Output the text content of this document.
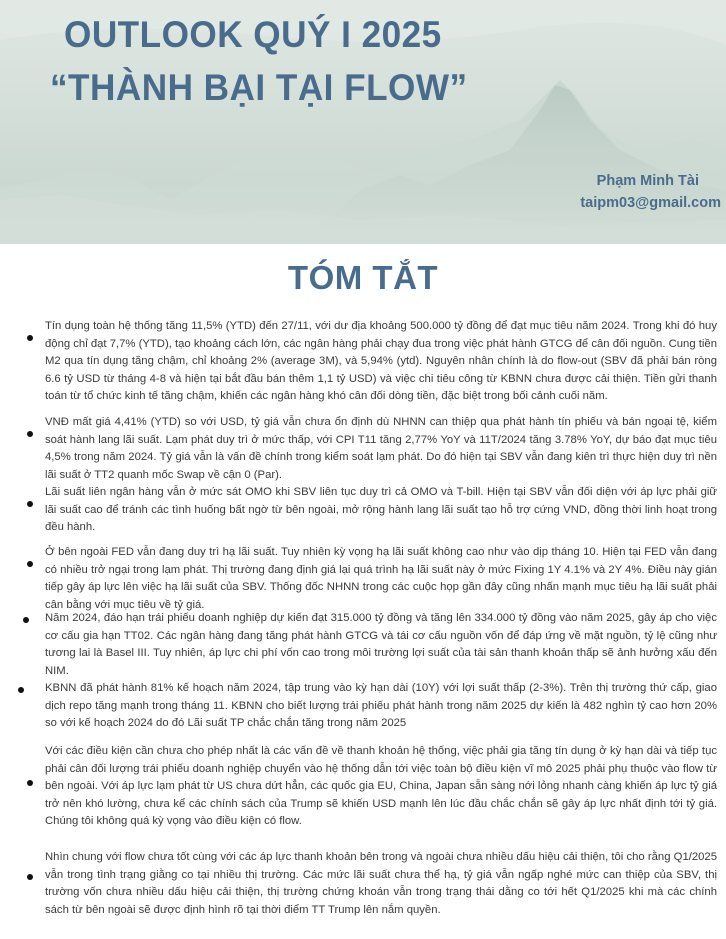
OUTLOOK QUÝ I 2025
“THÀNH BẠI TẠI FLOW”
Phạm Minh Tài
taipm03@gmail.com
TÓM TẮT
Tín dụng toàn hệ thống tăng 11,5% (YTD) đến 27/11, với dư địa khoảng 500.000 tỷ đồng để đạt mục tiêu năm 2024. Trong khi đó huy động chỉ đạt 7,7% (YTD), tạo khoảng cách lớn, các ngân hàng phải chạy đua trong việc phát hành GTCG để cân đối nguồn. Cung tiền M2 qua tín dụng tăng chậm, chỉ khoảng 2% (average 3M), và 5,94% (ytd). Nguyên nhân chính là do flow-out (SBV đã phải bán ròng 6.6 tỷ USD từ tháng 4-8 và hiện tại bắt đầu bán thêm 1,1 tỷ USD) và việc chi tiêu công từ KBNN chưa được cải thiện. Tiền gửi thanh toán từ tổ chức kinh tế tăng chậm, khiến các ngân hàng khó cân đối dòng tiền, đặc biệt trong bối cảnh cuối năm.
VNĐ mất giá 4,41% (YTD) so với USD, tỷ giá vẫn chưa ổn định dù NHNN can thiệp qua phát hành tín phiếu và bán ngoại tệ, kiểm soát hành lang lãi suất. Lạm phát duy trì ở mức thấp, với CPI T11 tăng 2,77% YoY và 11T/2024 tăng 3.78% YoY, dự báo đạt mục tiêu 4,5% trong năm 2024. Tỷ giá vẫn là vấn đề chính trong kiểm soát lạm phát. Do đó hiện tại SBV vẫn đang kiên trì thực hiện duy trì nền lãi suất ở TT2 quanh mốc Swap về cận 0 (Par).
Lãi suất liên ngân hàng vẫn ở mức sát OMO khi SBV liên tục duy trì cả OMO và T-bill. Hiện tại SBV vẫn đối diện với áp lực phải giữ lãi suất cao để tránh các tình huống bất ngờ từ bên ngoài, mở rộng hành lang lãi suất tạo hỗ trợ cứng VND, đồng thời linh hoạt trong đều hành.
Ở bên ngoài FED vẫn đang duy trì hạ lãi suất. Tuy nhiên kỳ vọng hạ lãi suất không cao như vào dịp tháng 10. Hiện tại FED vẫn đang có nhiều trở ngại trong lạm phát. Thị trường đang định giá lại quá trình hạ lãi suất này ở mức Fixing 1Y 4.1% và 2Y 4%. Điều này gián tiếp gây áp lực lên việc hạ lãi suất của SBV. Thống đốc NHNN trong các cuộc họp gần đây cũng nhấn mạnh mục tiêu hạ lãi suất phải cân bằng với mục tiêu về tỷ giá.
Năm 2024, đáo hạn trái phiếu doanh nghiệp dự kiến đạt 315.000 tỷ đồng và tăng lên 334.000 tỷ đồng vào năm 2025, gây áp cho việc cơ cấu gia hạn TT02. Các ngân hàng đang tăng phát hành GTCG và tái cơ cấu nguồn vốn để đáp ứng về mặt nguồn, tỷ lệ cũng như tương lai là Basel III. Tuy nhiên, áp lực chi phí vốn cao trong môi trường lợi suất của tài sản thanh khoản thấp sẽ ảnh hưởng xấu đến NIM.
KBNN đã phát hành 81% kế hoạch năm 2024, tập trung vào kỳ hạn dài (10Y) với lợi suất thấp (2-3%). Trên thị trường thứ cấp, giao dịch repo tăng mạnh trong tháng 11. KBNN cho biết lượng trái phiếu phát hành trong năm 2025 dự kiến là 482 nghìn tỷ cao hơn 20% so với kế hoạch 2024 do đó Lãi suất TP chắc chắn tăng trong năm 2025
Với các điều kiện cần chưa cho phép nhất là các vấn đề về thanh khoản hệ thống, việc phải gia tăng tín dụng ở kỳ hạn dài và tiếp tục phải cân đối lượng trái phiếu doanh nghiệp chuyển vào hệ thống dẫn tới việc toàn bộ điều kiện vĩ mô 2025 phải phụ thuộc vào flow từ bên ngoài. Với áp lực lạm phát từ US chưa dứt hẳn, các quốc gia EU, China, Japan sẵn sàng nới lỏng nhanh càng khiến áp lực tỷ giá trở nên khó lường, chưa kể các chính sách của Trump sẽ khiến USD mạnh lên lúc đầu chắc chắn sẽ gây áp lực nhất định tới tỷ giá. Chúng tôi không quá kỳ vọng vào điều kiện có flow.
Nhìn chung với flow chưa tốt cùng với các áp lực thanh khoản bên trong và ngoài chưa nhiều dấu hiệu cải thiện, tôi cho rằng Q1/2025 vẫn trong tình trạng giằng co tại nhiều thị trường. Các mức lãi suất chưa thể hạ, tỷ giá vẫn ngấp nghé mức can thiệp của SBV, thị trường vốn chưa nhiều dấu hiệu cải thiện, thị trường chứng khoán vẫn trong trạng thái dằng co tới hết Q1/2025 khi mà các chính sách từ bên ngoài sẽ được định hình rõ tại thời điểm TT Trump lên nắm quyền.
